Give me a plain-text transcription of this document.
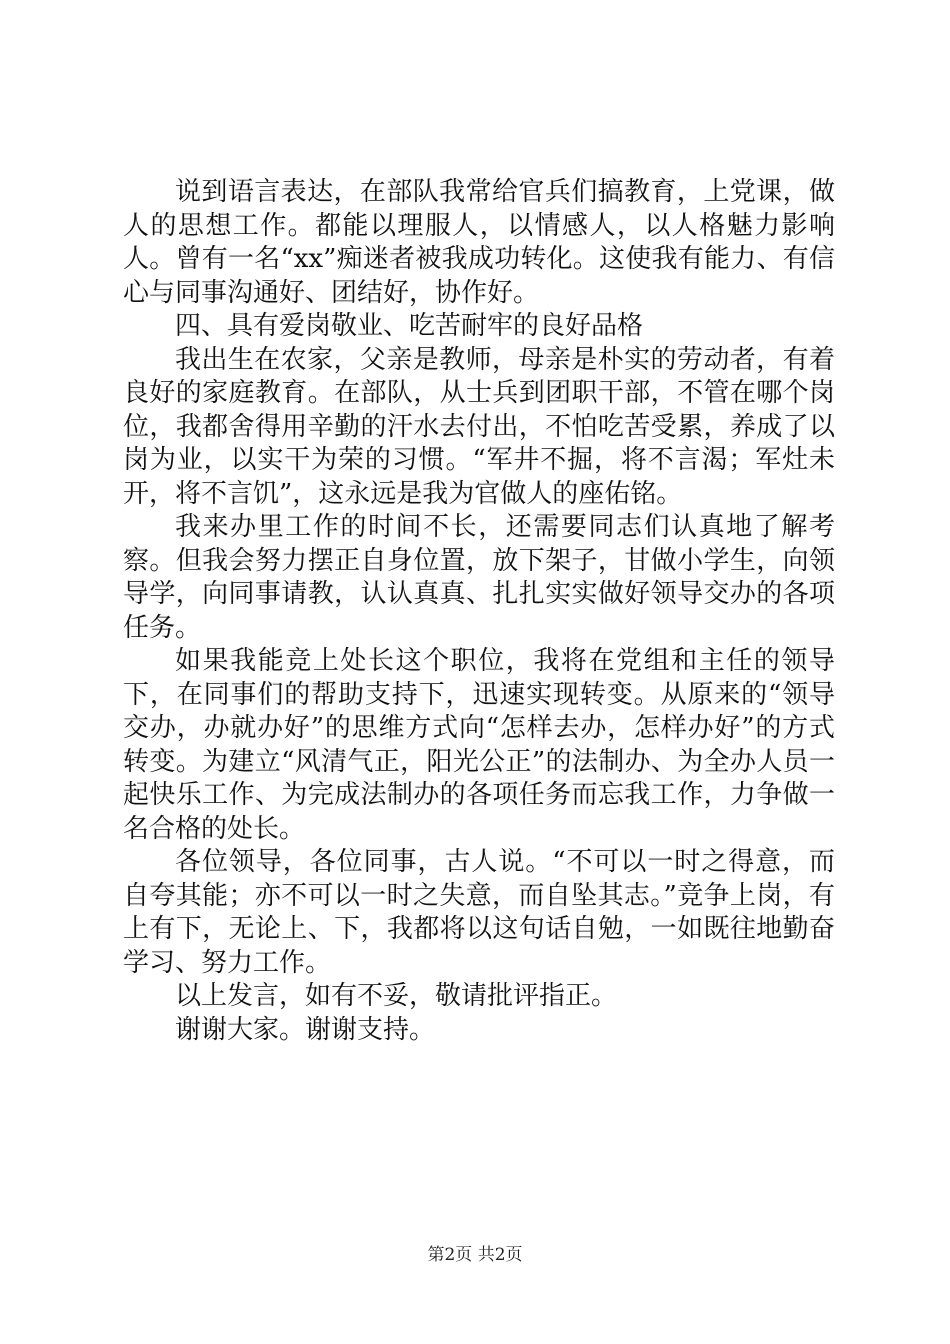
说到语言表达，在部队我常给官兵们搞教育，上党课，做人的思想工作。都能以理服人，以情感人，以人格魅力影响人。曾有一名“xx”痴迷者被我成功转化。这使我有能力、有信心与同事沟通好、团结好，协作好。

四、具有爱岗敬业、吃苦耐牢的良好品格

我出生在农家，父亲是教师，母亲是朴实的劳动者，有着良好的家庭教育。在部队，从士兵到团职干部，不管在哪个岗位，我都舍得用辛勤的汗水去付出，不怕吃苦受累，养成了以岗为业，以实干为荣的习惯。“军井不掘，将不言渴；军灶未开，将不言饥”，这永远是我为官做人的座佑铭。

我来办里工作的时间不长，还需要同志们认真地了解考察。但我会努力摆正自身位置，放下架子，甘做小学生，向领导学，向同事请教，认认真真、扎扎实实做好领导交办的各项任务。

如果我能竞上处长这个职位，我将在党组和主任的领导下，在同事们的帮助支持下，迅速实现转变。从原来的“领导交办，办就办好”的思维方式向“怎样去办，怎样办好”的方式转变。为建立“风清气正，阳光公正”的法制办、为全办人员一起快乐工作、为完成法制办的各项任务而忘我工作，力争做一名合格的处长。

各位领导，各位同事，古人说。“不可以一时之得意，而自夸其能；亦不可以一时之失意，而自坠其志。”竞争上岗，有上有下，无论上、下，我都将以这句话自勉，一如既往地勤奋学习、努力工作。

以上发言，如有不妥，敬请批评指正。

谢谢大家。谢谢支持。

第2页 共2页
